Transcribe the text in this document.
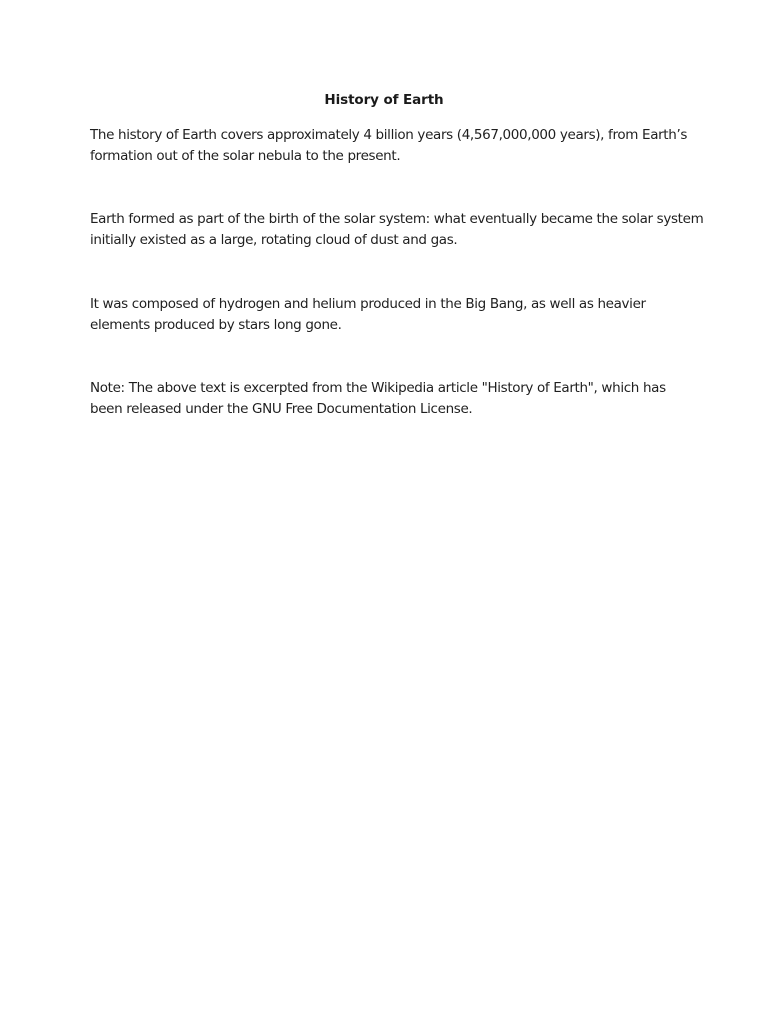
History of Earth

The history of Earth covers approximately 4 billion years (4,567,000,000 years), from Earth’s
formation out of the solar nebula to the present.

Earth formed as part of the birth of the solar system: what eventually became the solar system
initially existed as a large, rotating cloud of dust and gas.

It was composed of hydrogen and helium produced in the Big Bang, as well as heavier
elements produced by stars long gone.

Note: The above text is excerpted from the Wikipedia article "History of Earth", which has
been released under the GNU Free Documentation License.
